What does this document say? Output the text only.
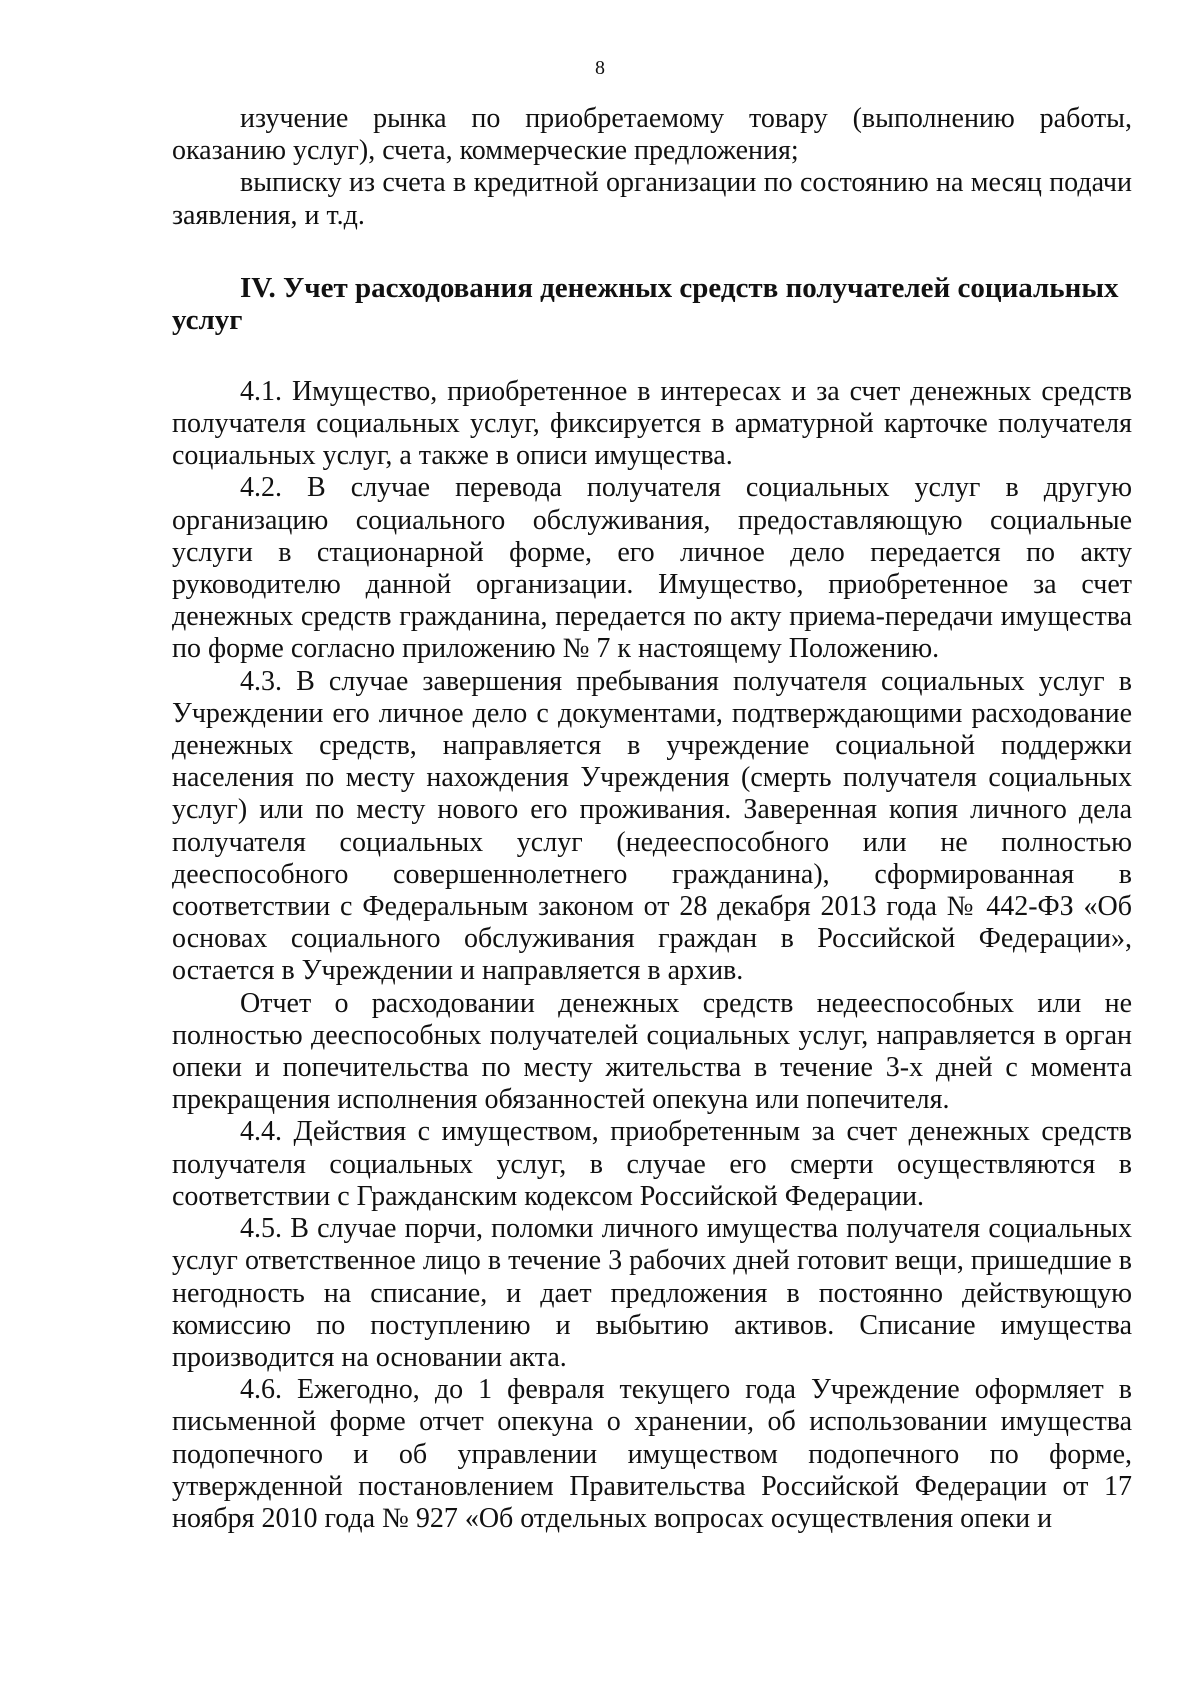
8

изучение рынка по приобретаемому товару (выполнению работы, оказанию услуг), счета, коммерческие предложения;

выписку из счета в кредитной организации по состоянию на месяц подачи заявления, и т.д.

IV. Учет расходования денежных средств получателей социальных услуг

4.1. Имущество, приобретенное в интересах и за счет денежных средств получателя социальных услуг, фиксируется в арматурной карточке получателя социальных услуг, а также в описи имущества.

4.2. В случае перевода получателя социальных услуг в другую организацию социального обслуживания, предоставляющую социальные услуги в стационарной форме, его личное дело передается по акту руководителю данной организации. Имущество, приобретенное за счет денежных средств гражданина, передается по акту приема-передачи имущества по форме согласно приложению № 7 к настоящему Положению.

4.3. В случае завершения пребывания получателя социальных услуг в Учреждении его личное дело с документами, подтверждающими расходование денежных средств, направляется в учреждение социальной поддержки населения по месту нахождения Учреждения (смерть получателя социальных услуг) или по месту нового его проживания. Заверенная копия личного дела получателя социальных услуг (недееспособного или не полностью дееспособного совершеннолетнего гражданина), сформированная в соответствии с Федеральным законом от 28 декабря 2013 года № 442-ФЗ «Об основах социального обслуживания граждан в Российской Федерации», остается в Учреждении и направляется в архив.

Отчет о расходовании денежных средств недееспособных или не полностью дееспособных получателей социальных услуг, направляется в орган опеки и попечительства по месту жительства в течение 3-х дней с момента прекращения исполнения обязанностей опекуна или попечителя.

4.4. Действия с имуществом, приобретенным за счет денежных средств получателя социальных услуг, в случае его смерти осуществляются в соответствии с Гражданским кодексом Российской Федерации.

4.5. В случае порчи, поломки личного имущества получателя социальных услуг ответственное лицо в течение 3 рабочих дней готовит вещи, пришедшие в негодность на списание, и дает предложения в постоянно действующую комиссию по поступлению и выбытию активов. Списание имущества производится на основании акта.

4.6. Ежегодно, до 1 февраля текущего года Учреждение оформляет в письменной форме отчет опекуна о хранении, об использовании имущества подопечного и об управлении имуществом подопечного по форме, утвержденной постановлением Правительства Российской Федерации от 17 ноября 2010 года № 927 «Об отдельных вопросах осуществления опеки и
